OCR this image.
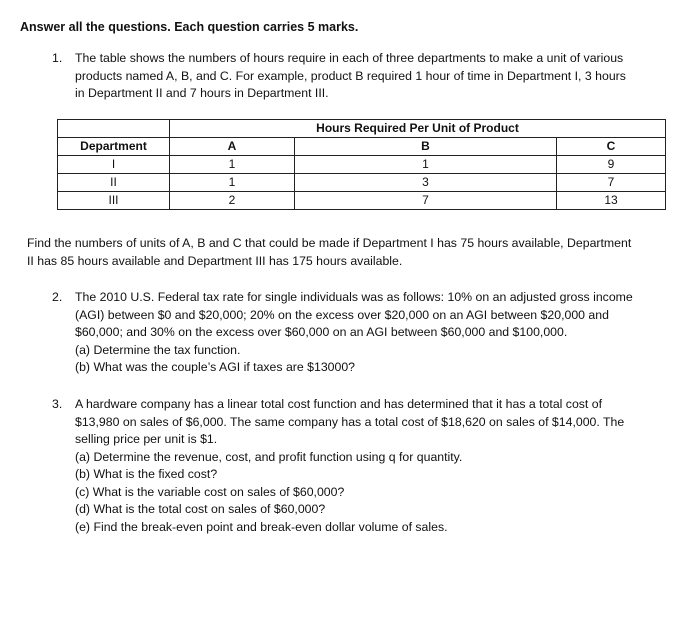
Answer all the questions. Each question carries 5 marks.
1. The table shows the numbers of hours require in each of three departments to make a unit of various
products named A, B, and C. For example, product B required 1 hour of time in Department I, 3 hours
in Department II and 7 hours in Department III.
	Hours Required Per Unit of Product		
Department	A	B	C
I	1	1	9
II	1	3	7
III	2	7	13
Find the numbers of units of A, B and C that could be made if Department I has 75 hours available, Department
II has 85 hours available and Department III has 175 hours available.
2. The 2010 U.S. Federal tax rate for single individuals was as follows: 10% on an adjusted gross income
(AGI) between $0 and $20,000; 20% on the excess over $20,000 on an AGI between $20,000 and
$60,000; and 30% on the excess over $60,000 on an AGI between $60,000 and $100,000.
(a) Determine the tax function.
(b) What was the couple’s AGI if taxes are $13000?
3. A hardware company has a linear total cost function and has determined that it has a total cost of
$13,980 on sales of $6,000. The same company has a total cost of $18,620 on sales of $14,000. The
selling price per unit is $1.
(a) Determine the revenue, cost, and profit function using q for quantity.
(b) What is the fixed cost?
(c) What is the variable cost on sales of $60,000?
(d) What is the total cost on sales of $60,000?
(e) Find the break-even point and break-even dollar volume of sales.
